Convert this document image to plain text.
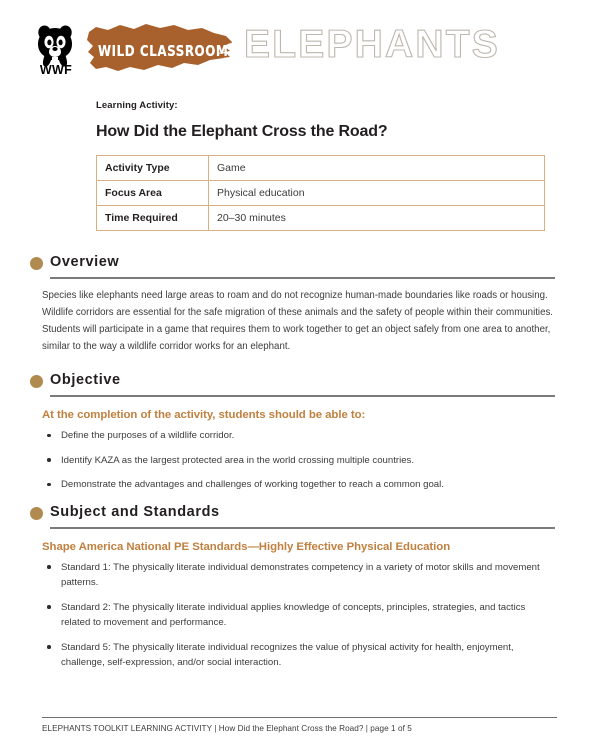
WWF
WILD CLASSROOM ELEPHANTS
Learning Activity:
How Did the Elephant Cross the Road?
Activity Type	Game
Focus Area	Physical education
Time Required	20–30 minutes
Overview

Species like elephants need large areas to roam and do not recognize human-made boundaries like roads or housing. Wildlife corridors are essential for the safe migration of these animals and the safety of people within their communities. Students will participate in a game that requires them to work together to get an object safely from one area to another, similar to the way a wildlife corridor works for an elephant.

Objective
At the completion of the activity, students should be able to:
Define the purposes of a wildlife corridor.
Identify KAZA as the largest protected area in the world crossing multiple countries.
Demonstrate the advantages and challenges of working together to reach a common goal.
Subject and Standards
Shape America National PE Standards—Highly Effective Physical Education
Standard 1: The physically literate individual demonstrates competency in a variety of motor skills and movement patterns.
Standard 2: The physically literate individual applies knowledge of concepts, principles, strategies, and tactics related to movement and performance.
Standard 5: The physically literate individual recognizes the value of physical activity for health, enjoyment, challenge, self-expression, and/or social interaction.
ELEPHANTS TOOLKIT LEARNING ACTIVITY | How Did the Elephant Cross the Road? | page 1 of 5
